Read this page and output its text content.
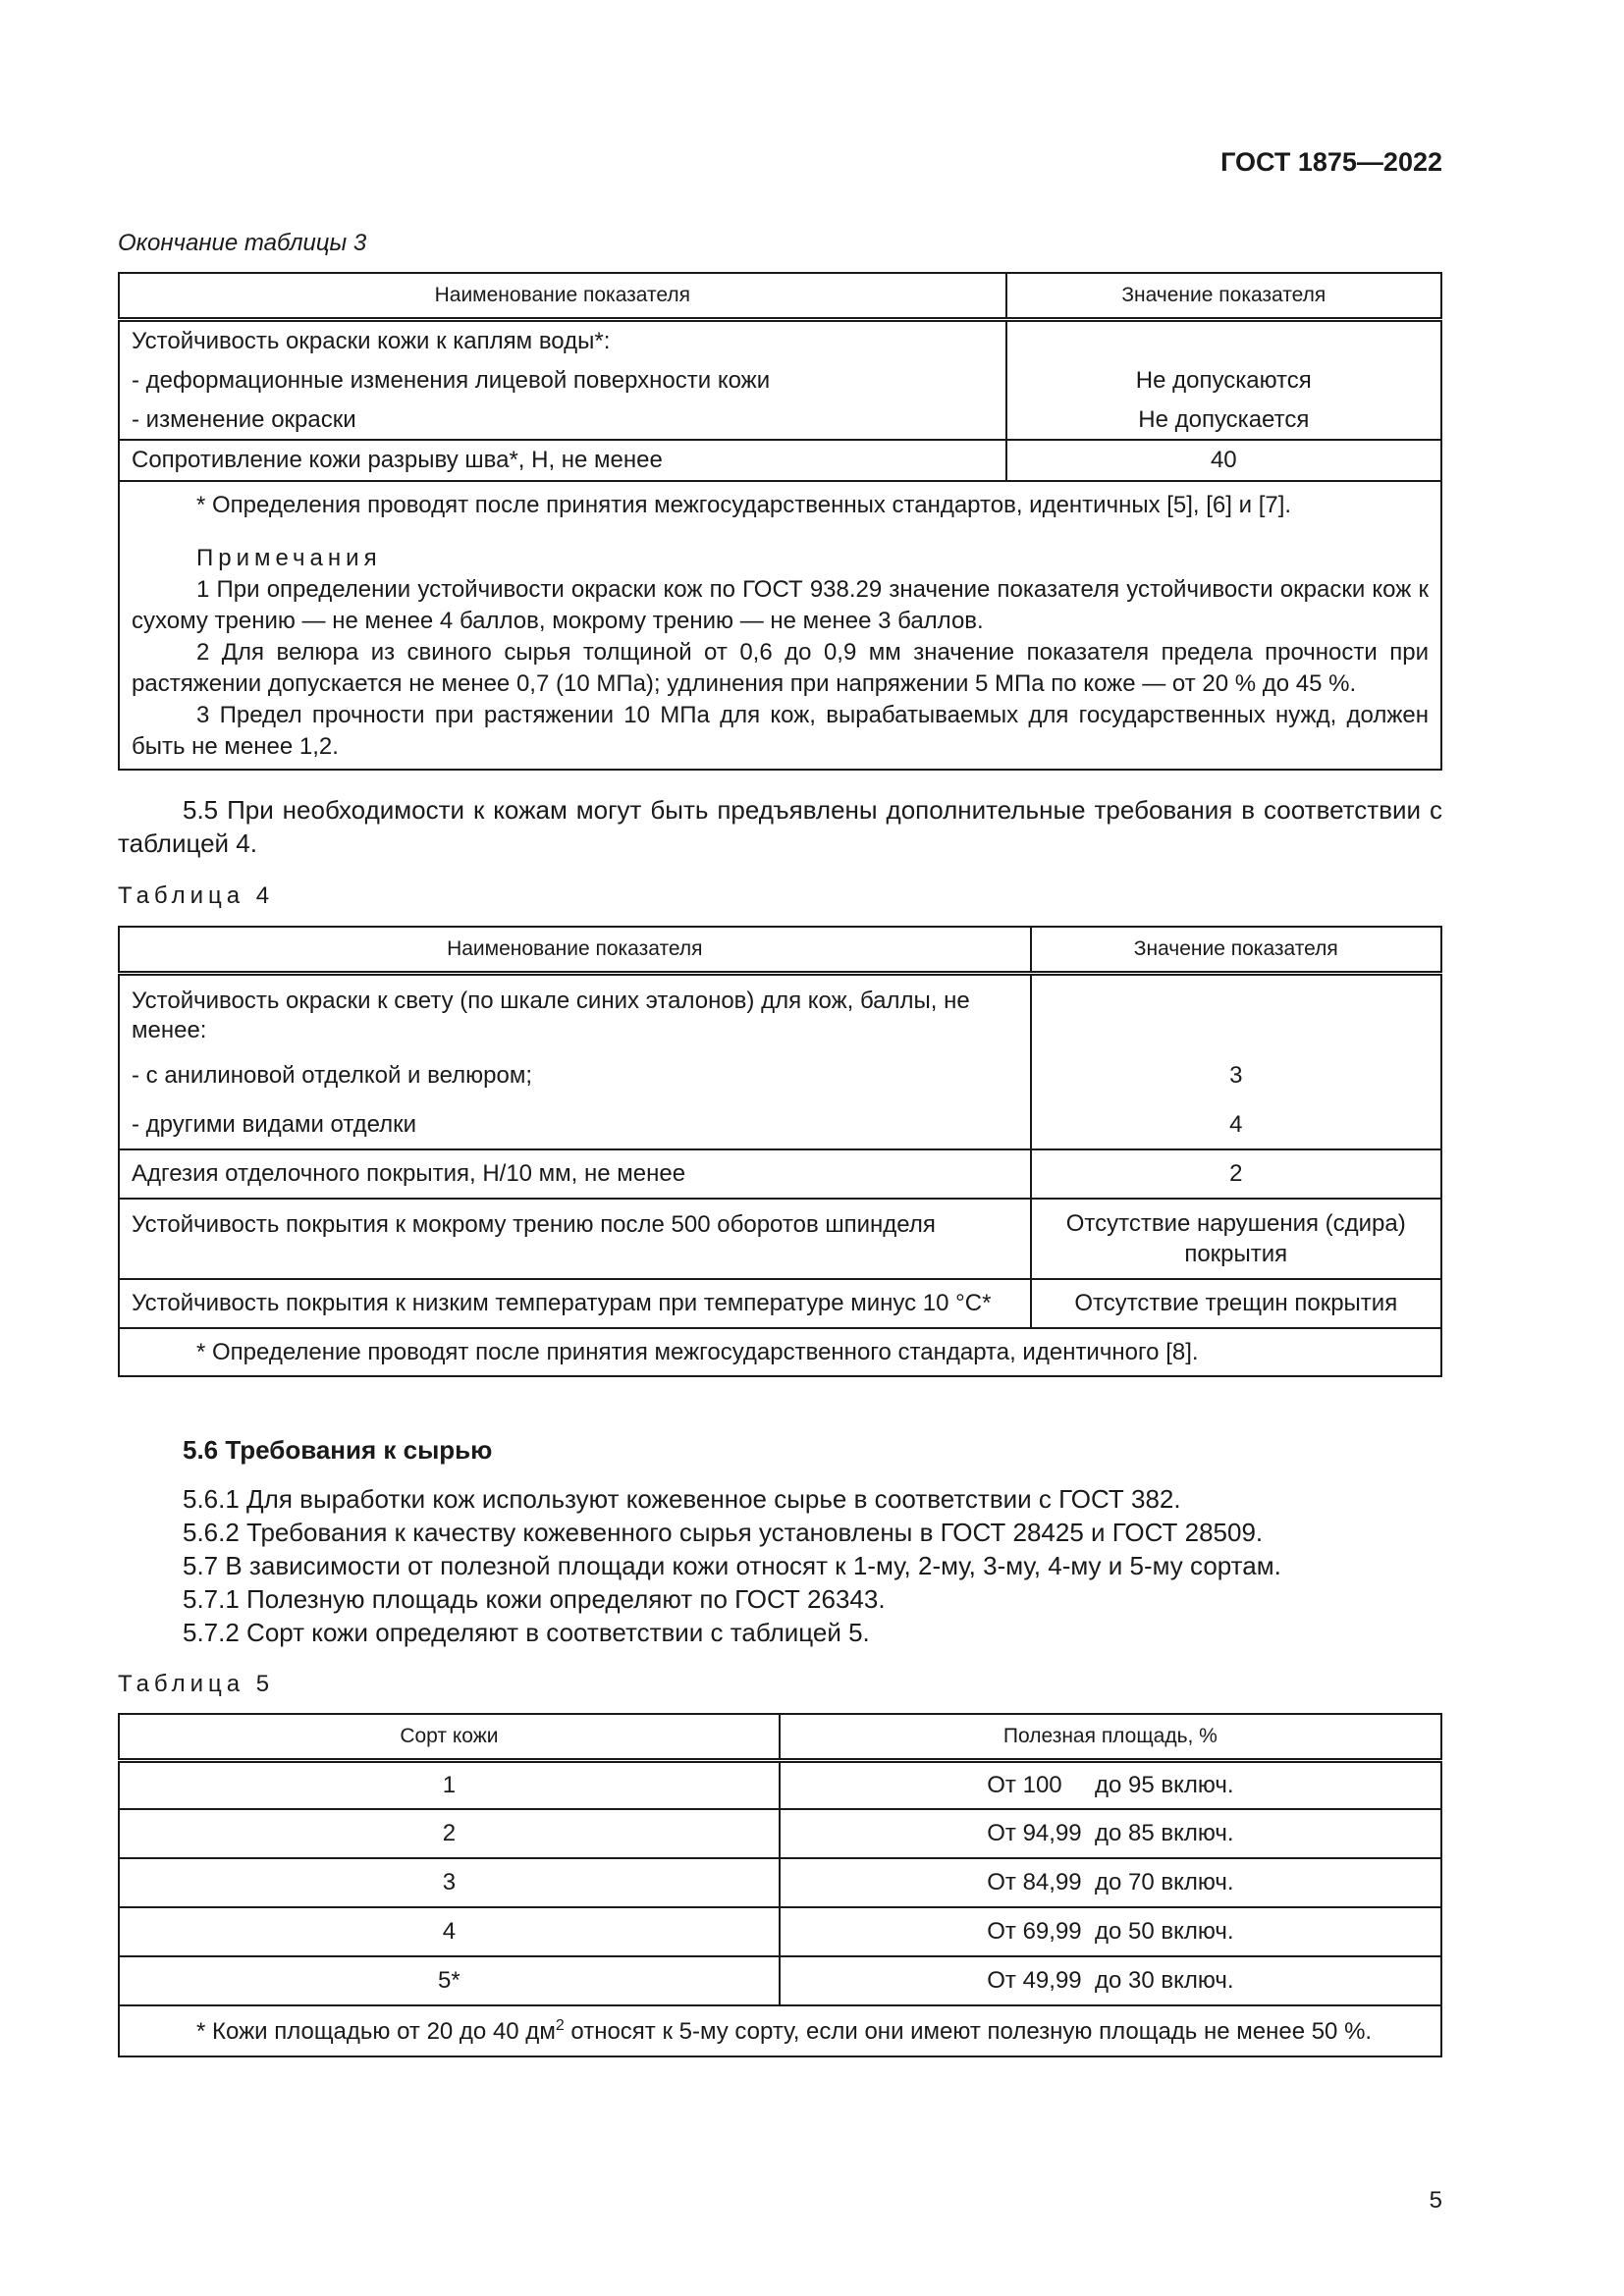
ГОСТ 1875—2022
Окончание таблицы 3
Наименование показателя	Значение показателя
Устойчивость окраски кожи к каплям воды*:	
- деформационные изменения лицевой поверхности кожи	Не допускаются
- изменение окраски	Не допускается
Сопротивление кожи разрыву шва*, Н, не менее	40

* Определения проводят после принятия межгосударственных стандартов, идентичных [5], [6] и [7].
Примечания
1 При определении устойчивости окраски кож по ГОСТ 938.29 значение показателя устойчивости окраски кож к сухому трению — не менее 4 баллов, мокрому трению — не менее 3 баллов.
2 Для велюра из свиного сырья толщиной от 0,6 до 0,9 мм значение показателя предела прочности при растяжении допускается не менее 0,7 (10 МПа); удлинения при напряжении 5 МПа по коже — от 20 % до 45 %.
3 Предел прочности при растяжении 10 МПа для кож, вырабатываемых для государственных нужд, должен быть не менее 1,2.	
5.5 При необходимости к кожам могут быть предъявлены дополнительные требования в соответствии с таблицей 4.
Таблица 4
Наименование показателя	Значение показателя
Устойчивость окраски к свету (по шкале синих эталонов) для кож, баллы, не менее:	
- с анилиновой отделкой и велюром;	3
- другими видами отделки	4
Адгезия отделочного покрытия, Н/10 мм, не менее	2
Устойчивость покрытия к мокрому трению после 500 оборотов шпинделя	Отсутствие нарушения (сдира) покрытия
Устойчивость покрытия к низким температурам при температуре минус 10 °С*	Отсутствие трещин покрытия
* Определение проводят после принятия межгосударственного стандарта, идентичного [8].	
5.6 Требования к сырью
5.6.1 Для выработки кож используют кожевенное сырье в соответствии с ГОСТ 382.
5.6.2 Требования к качеству кожевенного сырья установлены в ГОСТ 28425 и ГОСТ 28509.
5.7 В зависимости от полезной площади кожи относят к 1-му, 2-му, 3-му, 4-му и 5-му сортам.
5.7.1 Полезную площадь кожи определяют по ГОСТ 26343.
5.7.2 Сорт кожи определяют в соответствии с таблицей 5.
Таблица 5
Сорт кожи	Полезная площадь, %
1	От 100     до 95 включ.
2	От 94,99  до 85 включ.
3	От 84,99  до 70 включ.
4	От 69,99  до 50 включ.
5*	От 49,99  до 30 включ.
* Кожи площадью от 20 до 40 $дм^2$ относят к 5-му сорту, если они имеют полезную площадь не менее 50 %.	
5
